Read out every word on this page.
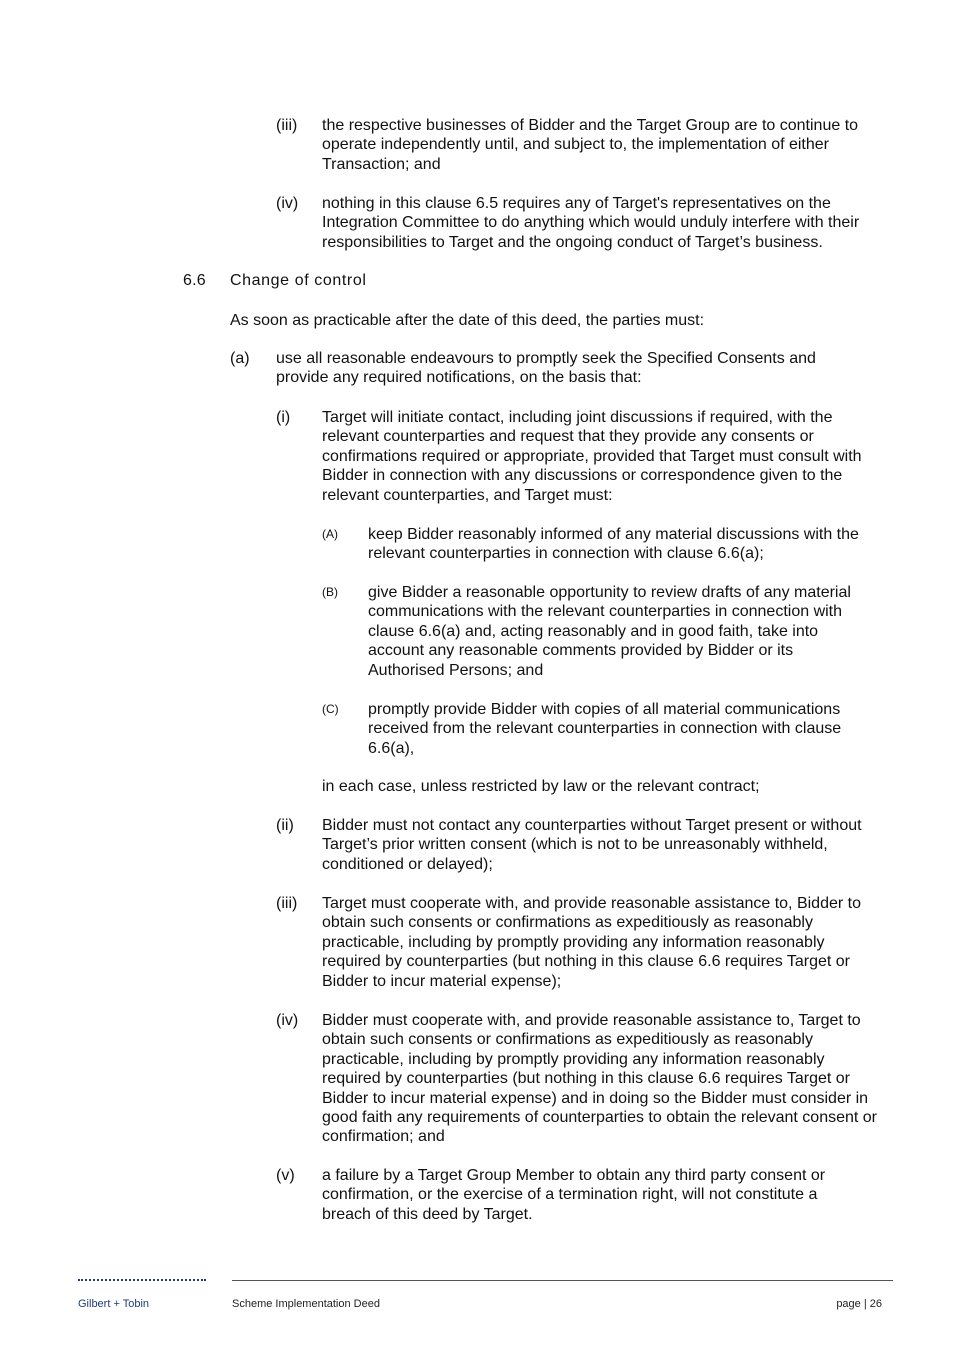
(iii) the respective businesses of Bidder and the Target Group are to continue to operate independently until, and subject to, the implementation of either Transaction; and
(iv) nothing in this clause 6.5 requires any of Target's representatives on the Integration Committee to do anything which would unduly interfere with their responsibilities to Target and the ongoing conduct of Target’s business.
6.6 Change of control
As soon as practicable after the date of this deed, the parties must:
(a) use all reasonable endeavours to promptly seek the Specified Consents and provide any required notifications, on the basis that:
(i) Target will initiate contact, including joint discussions if required, with the relevant counterparties and request that they provide any consents or confirmations required or appropriate, provided that Target must consult with Bidder in connection with any discussions or correspondence given to the relevant counterparties, and Target must:
(A) keep Bidder reasonably informed of any material discussions with the relevant counterparties in connection with clause 6.6(a);
(B) give Bidder a reasonable opportunity to review drafts of any material communications with the relevant counterparties in connection with clause 6.6(a) and, acting reasonably and in good faith, take into account any reasonable comments provided by Bidder or its Authorised Persons; and
(C) promptly provide Bidder with copies of all material communications received from the relevant counterparties in connection with clause 6.6(a),
in each case, unless restricted by law or the relevant contract;
(ii) Bidder must not contact any counterparties without Target present or without Target’s prior written consent (which is not to be unreasonably withheld, conditioned or delayed);
(iii) Target must cooperate with, and provide reasonable assistance to, Bidder to obtain such consents or confirmations as expeditiously as reasonably practicable, including by promptly providing any information reasonably required by counterparties (but nothing in this clause 6.6 requires Target or Bidder to incur material expense);
(iv) Bidder must cooperate with, and provide reasonable assistance to, Target to obtain such consents or confirmations as expeditiously as reasonably practicable, including by promptly providing any information reasonably required by counterparties (but nothing in this clause 6.6 requires Target or Bidder to incur material expense) and in doing so the Bidder must consider in good faith any requirements of counterparties to obtain the relevant consent or confirmation; and
(v) a failure by a Target Group Member to obtain any third party consent or confirmation, or the exercise of a termination right, will not constitute a breach of this deed by Target.
Gilbert + Tobin	Scheme Implementation Deed	page | 26
